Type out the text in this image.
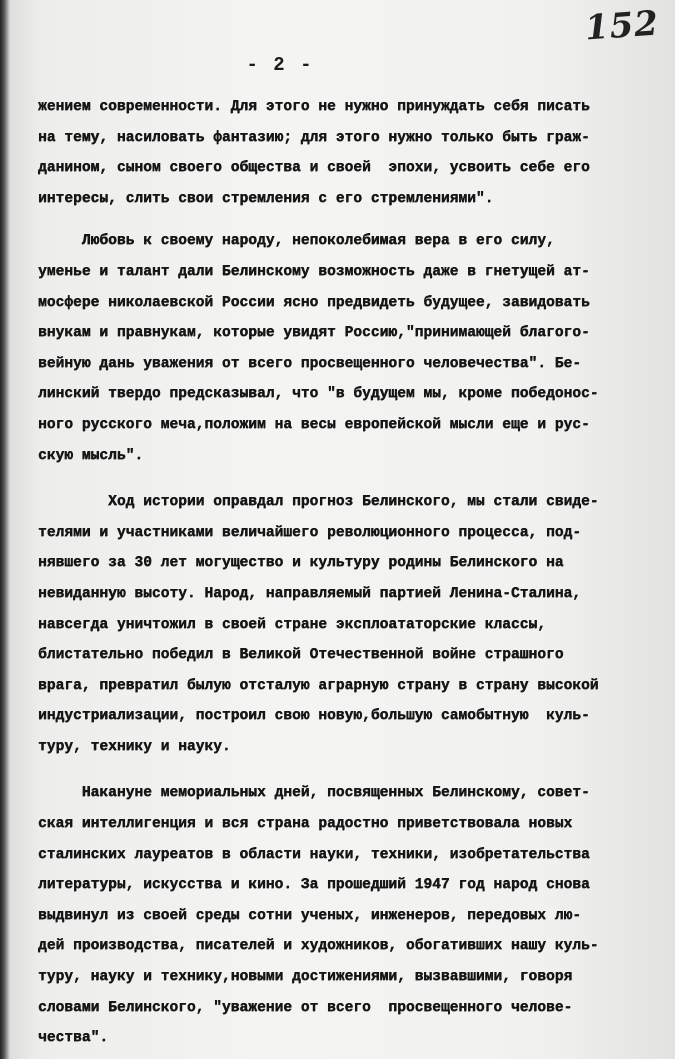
152
- 2 -
жением современности. Для этого не нужно принуждать себя писать
на тему, насиловать фантазию; для этого нужно только быть граж-
данином, сыном своего общества и своей  эпохи, усвоить себе его
интересы, слить свои стремления с его стремлениями".
Любовь к своему народу, непоколебимая вера в его силу,
уменье и талант дали Белинскому возможность даже в гнетущей ат-
мосфере николаевской России ясно предвидеть будущее, завидовать
внукам и правнукам, которые увидят Россию,"принимающей благого-
вейную дань уважения от всего просвещенного человечества". Бе-
линский твердо предсказывал, что "в будущем мы, кроме победонос-
ного русского меча,положим на весы европейской мысли еще и рус-
скую мысль".
Ход истории оправдал прогноз Белинского, мы стали свиде-
телями и участниками величайшего революционного процесса, под-
нявшего за 30 лет могущество и культуру родины Белинского на
невиданную высоту. Народ, направляемый партией Ленина-Сталина,
навсегда уничтожил в своей стране эксплоататорские классы,
блистательно победил в Великой Отечественной войне страшного
врага, превратил былую отсталую аграрную страну в страну высокой
индустриализации, построил свою новую,большую самобытную  куль-
туру, технику и науку.
Накануне мемориальных дней, посвященных Белинскому, совет-
ская интеллигенция и вся страна радостно приветствовала новых
сталинских лауреатов в области науки, техники, изобретательства
литературы, искусства и кино. За прошедший 1947 год народ снова
выдвинул из своей среды сотни ученых, инженеров, передовых лю-
дей производства, писателей и художников, обогативших нашу куль-
туру, науку и технику,новыми достижениями, вызвавшими, говоря
словами Белинского, "уважение от всего  просвещенного челове-
чества".
